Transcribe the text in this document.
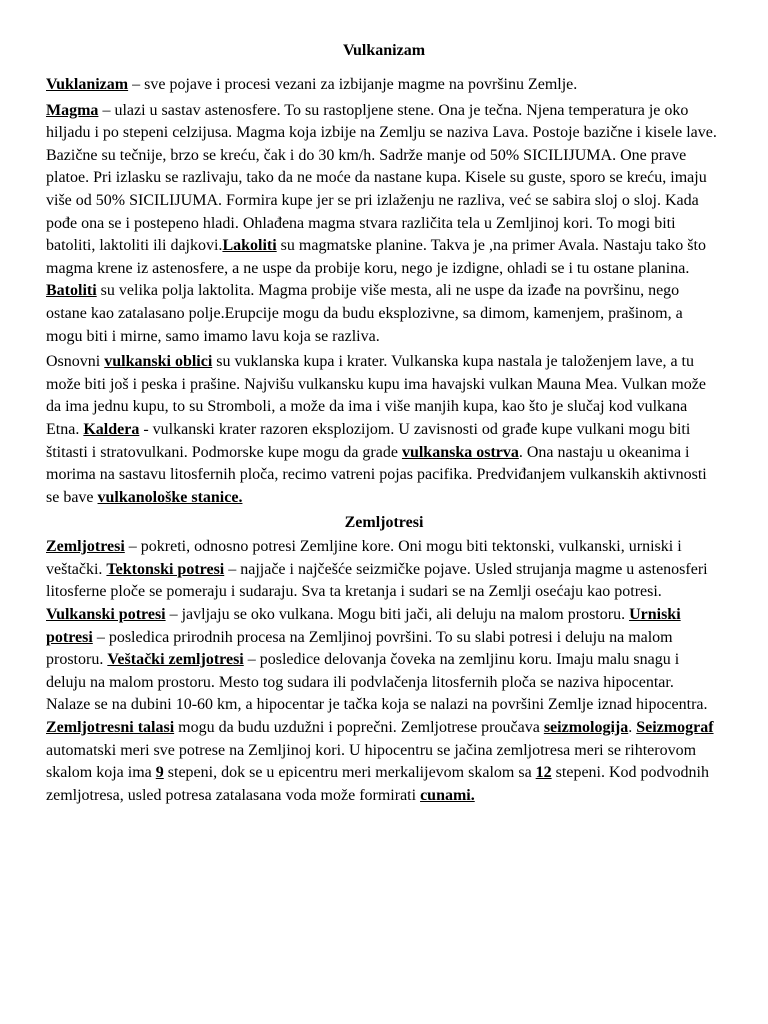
Vulkanizam

Vuklanizam – sve pojave i procesi vezani za izbijanje magme na površinu Zemlje.

Magma – ulazi u sastav astenosfere. To su rastopljene stene. Ona je tečna. Njena temperatura je oko hiljadu i po stepeni celzijusa. Magma koja izbije na Zemlju se naziva Lava. Postoje bazične i kisele lave. Bazične su tečnije, brzo se kreću, čak i do 30 km/h. Sadrže manje od 50% SICILIJUMA. One prave platoe. Pri izlasku se razlivaju, tako da ne moće da nastane kupa. Kisele su guste, sporo se kreću, imaju više od 50% SICILIJUMA. Formira kupe jer se pri izlaženju ne razliva, već se sabira sloj o sloj. Kada pođe ona se i postepeno hladi. Ohlađena magma stvara različita tela u Zemljinoj kori. To mogi biti batoliti, laktoliti ili dajkovi.Lakoliti su magmatske planine. Takva je ,na primer Avala. Nastaju tako što magma krene iz astenosfere, a ne uspe da probije koru, nego je izdigne, ohladi se i tu ostane planina. Batoliti su velika polja laktolita. Magma probije više mesta, ali ne uspe da izađe na površinu, nego ostane kao zatalasano polje.Erupcije mogu da budu eksplozivne, sa dimom, kamenjem, prašinom, a mogu biti i mirne, samo imamo lavu koja se razliva.

Osnovni vulkanski oblici su vuklanska kupa i krater. Vulkanska kupa nastala je taloženjem lave, a tu može biti još i peska i prašine. Najvišu vulkansku kupu ima havajski vulkan Mauna Mea. Vulkan može da ima jednu kupu, to su Stromboli, a može da ima i više manjih kupa, kao što je slučaj kod vulkana Etna. Kaldera - vulkanski krater razoren eksplozijom. U zavisnosti od građe kupe vulkani mogu biti štitasti i stratovulkani. Podmorske kupe mogu da grade vulkanska ostrva. Ona nastaju u okeanima i morima na sastavu litosfernih ploča, recimo vatreni pojas pacifika. Predviđanjem vulkanskih aktivnosti se bave vulkanološke stanice.

Zemljotresi

Zemljotresi – pokreti, odnosno potresi Zemljine kore. Oni mogu biti tektonski, vulkanski, urniski i veštački. Tektonski potresi – najjače i najčešće seizmičke pojave. Usled strujanja magme u astenosferi litosferne ploče se pomeraju i sudaraju. Sva ta kretanja i sudari se na Zemlji osećaju kao potresi. Vulkanski potresi – javljaju se oko vulkana. Mogu biti jači, ali deluju na malom prostoru. Urniski potresi – posledica prirodnih procesa na Zemljinoj površini. To su slabi potresi i deluju na malom prostoru. Veštački zemljotresi – posledice delovanja čoveka na zemljinu koru. Imaju malu snagu i deluju na malom prostoru. Mesto tog sudara ili podvlačenja litosfernih ploča se naziva hipocentar. Nalaze se na dubini 10-60 km, a hipocentar je tačka koja se nalazi na površini Zemlje iznad hipocentra. Zemljotresni talasi mogu da budu uzdužni i poprečni. Zemljotrese proučava seizmologija. Seizmograf automatski meri sve potrese na Zemljinoj kori. U hipocentru se jačina zemljotresa meri se rihterovom skalom koja ima 9 stepeni, dok se u epicentru meri merkalijevom skalom sa 12 stepeni. Kod podvodnih zemljotresa, usled potresa zatalasana voda može formirati cunami.
